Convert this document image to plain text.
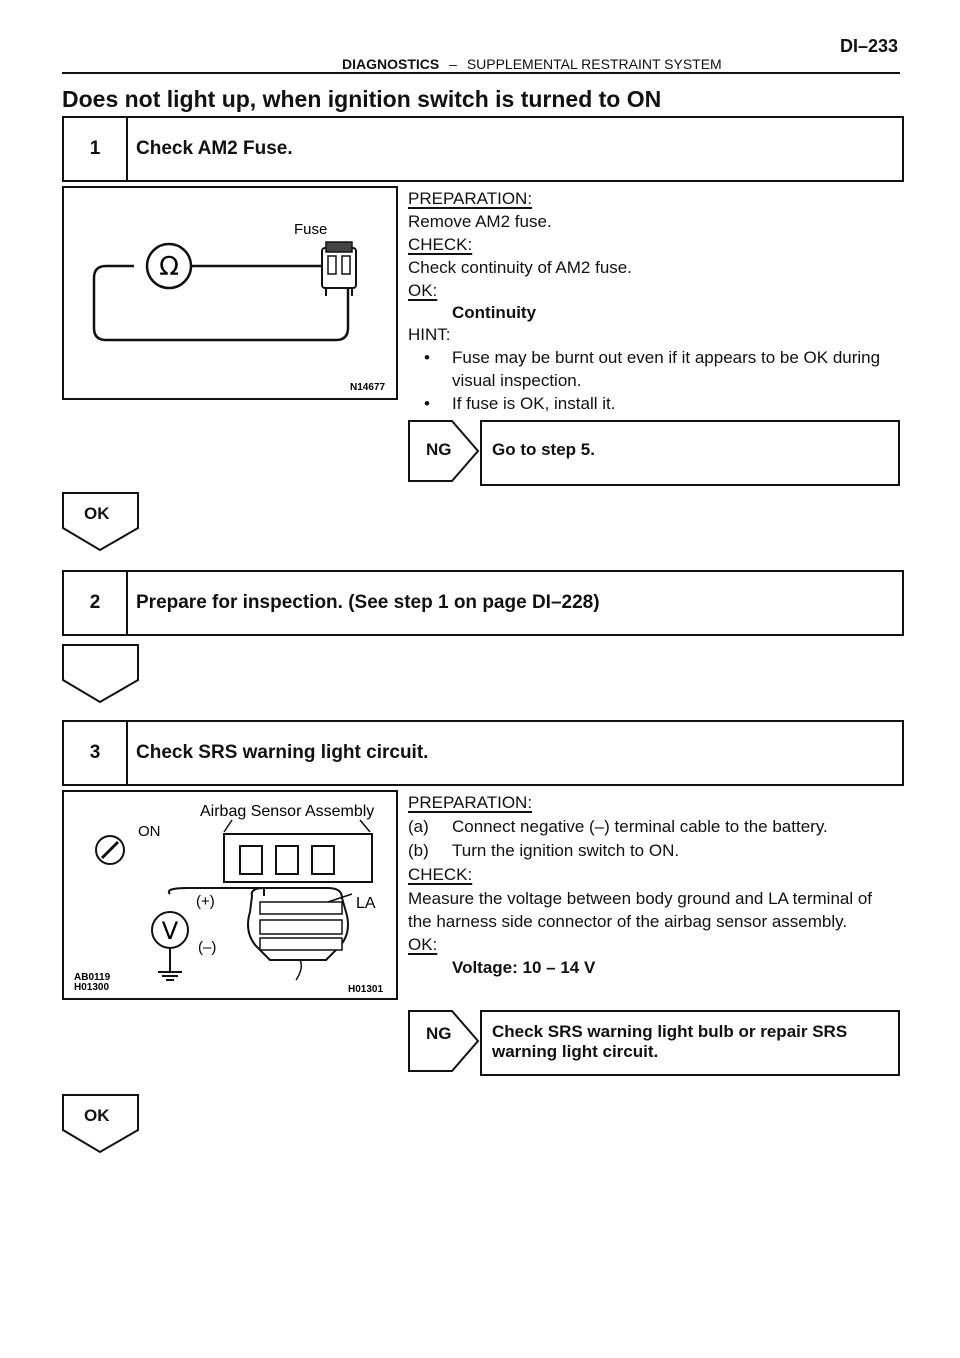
DI–233
DIAGNOSTICS – SUPPLEMENTAL RESTRAINT SYSTEM
Does not light up, when ignition switch is turned to ON
1	Check AM2 Fuse.
Ω
Fuse
N14677
PREPARATION:
Remove AM2 fuse.
CHECK:
Check continuity of AM2 fuse.
OK:
Continuity
HINT:
• Fuse may be burnt out even if it appears to be OK during
visual inspection.
• If fuse is OK, install it.
NG Go to step 5.
OK
2	Prepare for inspection. (See step 1 on page DI–228)
3	Check SRS warning light circuit.
Airbag Sensor Assembly
ON
(+)	LA
V
(–)
AB0119
H01300	H01301
PREPARATION:
(a) Connect negative (–) terminal cable to the battery.
(b) Turn the ignition switch to ON.
CHECK:
Measure the voltage between body ground and LA terminal of
the harness side connector of the airbag sensor assembly.
OK:
Voltage: 10 – 14 V
NG Check SRS warning light bulb or repair SRS
warning light circuit.
OK
